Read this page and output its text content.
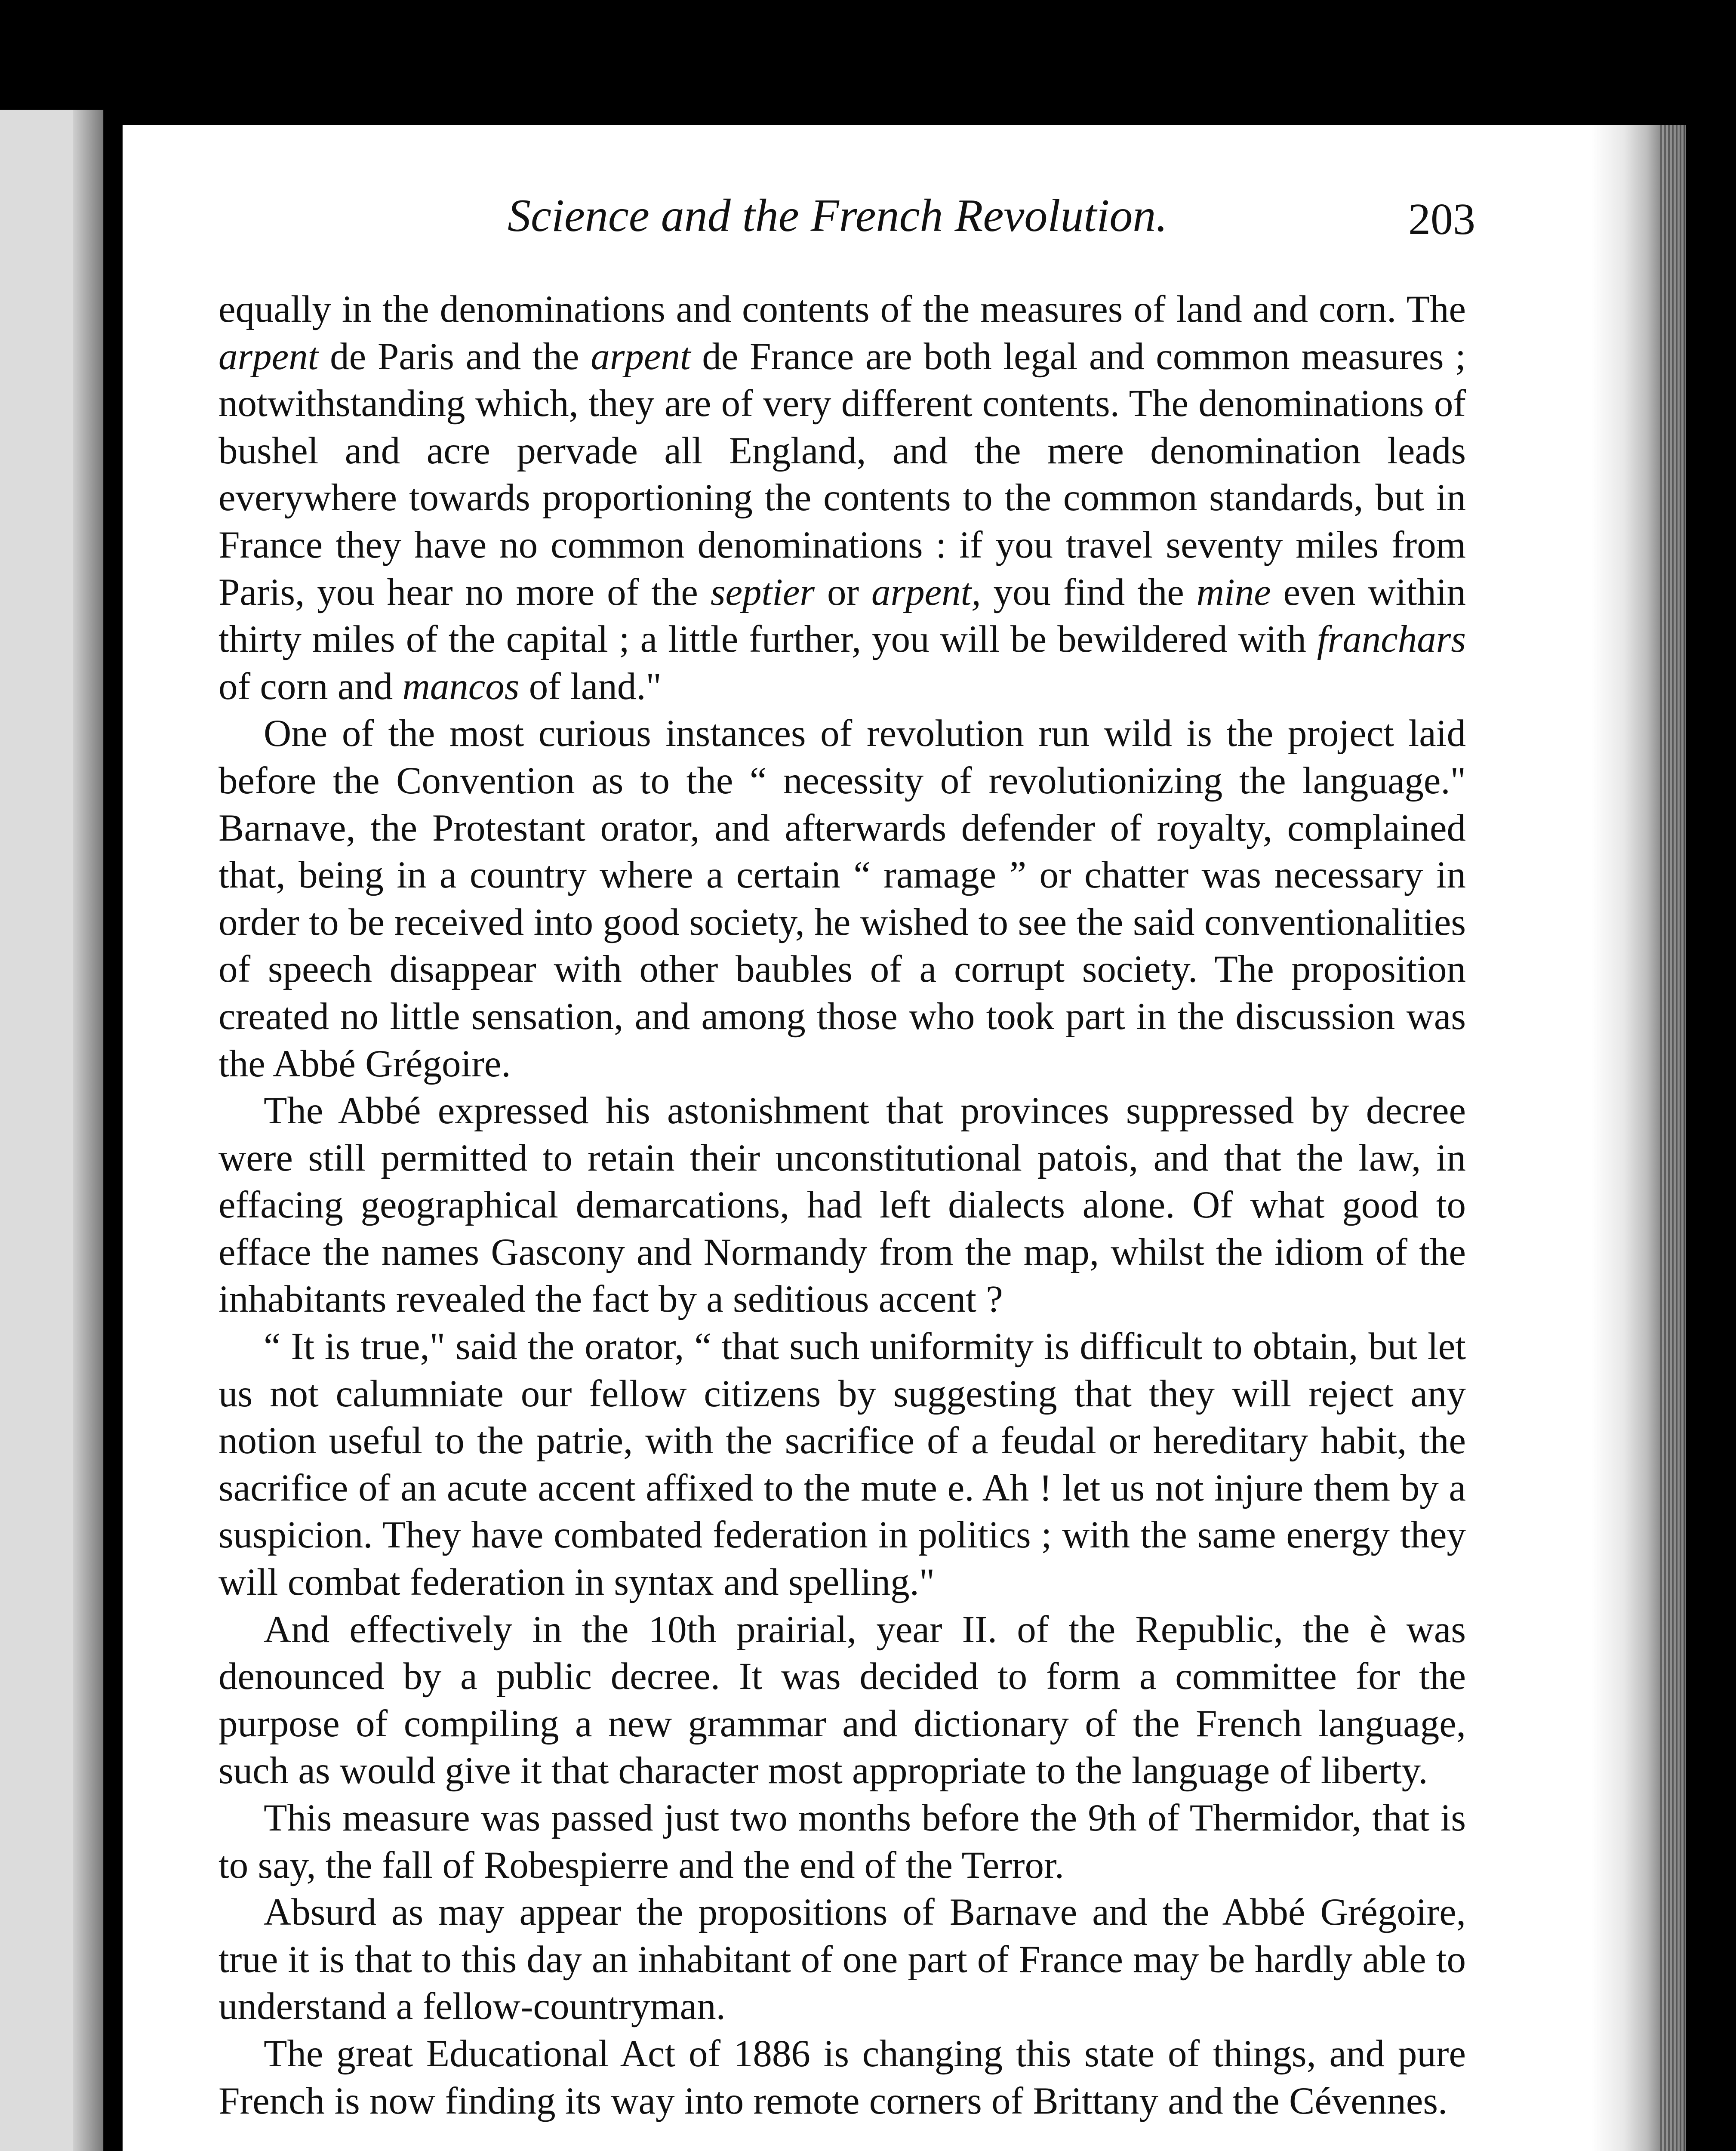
Science and the French Revolution.	203

equally in the denominations and contents of the measures of land and corn. The arpent de Paris and the arpent de France are both legal and common measures ; notwithstanding which, they are of very different contents. The denominations of bushel and acre pervade all England, and the mere denomination leads everywhere towards proportioning the contents to the common standards, but in France they have no common denominations : if you travel seventy miles from Paris, you hear no more of the septier or arpent, you find the mine even within thirty miles of the capital ; a little further, you will be bewildered with franchars of corn and mancos of land."

One of the most curious instances of revolution run wild is the project laid before the Convention as to the “ necessity of revolutionizing the language." Barnave, the Protestant orator, and afterwards defender of royalty, complained that, being in a country where a certain “ ramage ” or chatter was necessary in order to be received into good society, he wished to see the said conventionalities of speech disappear with other baubles of a corrupt society. The proposition created no little sensation, and among those who took part in the discussion was the Abbé Grégoire.

The Abbé expressed his astonishment that provinces suppressed by decree were still permitted to retain their unconstitutional patois, and that the law, in effacing geographical demarcations, had left dialects alone. Of what good to efface the names Gascony and Normandy from the map, whilst the idiom of the inhabitants revealed the fact by a seditious accent ?

“ It is true," said the orator, “ that such uniformity is difficult to obtain, but let us not calumniate our fellow citizens by suggesting that they will reject any notion useful to the patrie, with the sacrifice of a feudal or hereditary habit, the sacrifice of an acute accent affixed to the mute e. Ah ! let us not injure them by a suspicion. They have combated federation in politics ; with the same energy they will combat federation in syntax and spelling."

And effectively in the 10th prairial, year II. of the Republic, the è was denounced by a public decree. It was decided to form a committee for the purpose of compiling a new grammar and dictionary of the French language, such as would give it that character most appropriate to the language of liberty.

This measure was passed just two months before the 9th of Thermidor, that is to say, the fall of Robespierre and the end of the Terror.

Absurd as may appear the propositions of Barnave and the Abbé Grégoire, true it is that to this day an inhabitant of one part of France may be hardly able to understand a fellow-countryman.

The great Educational Act of 1886 is changing this state of things, and pure French is now finding its way into remote corners of Brittany and the Cévennes.
